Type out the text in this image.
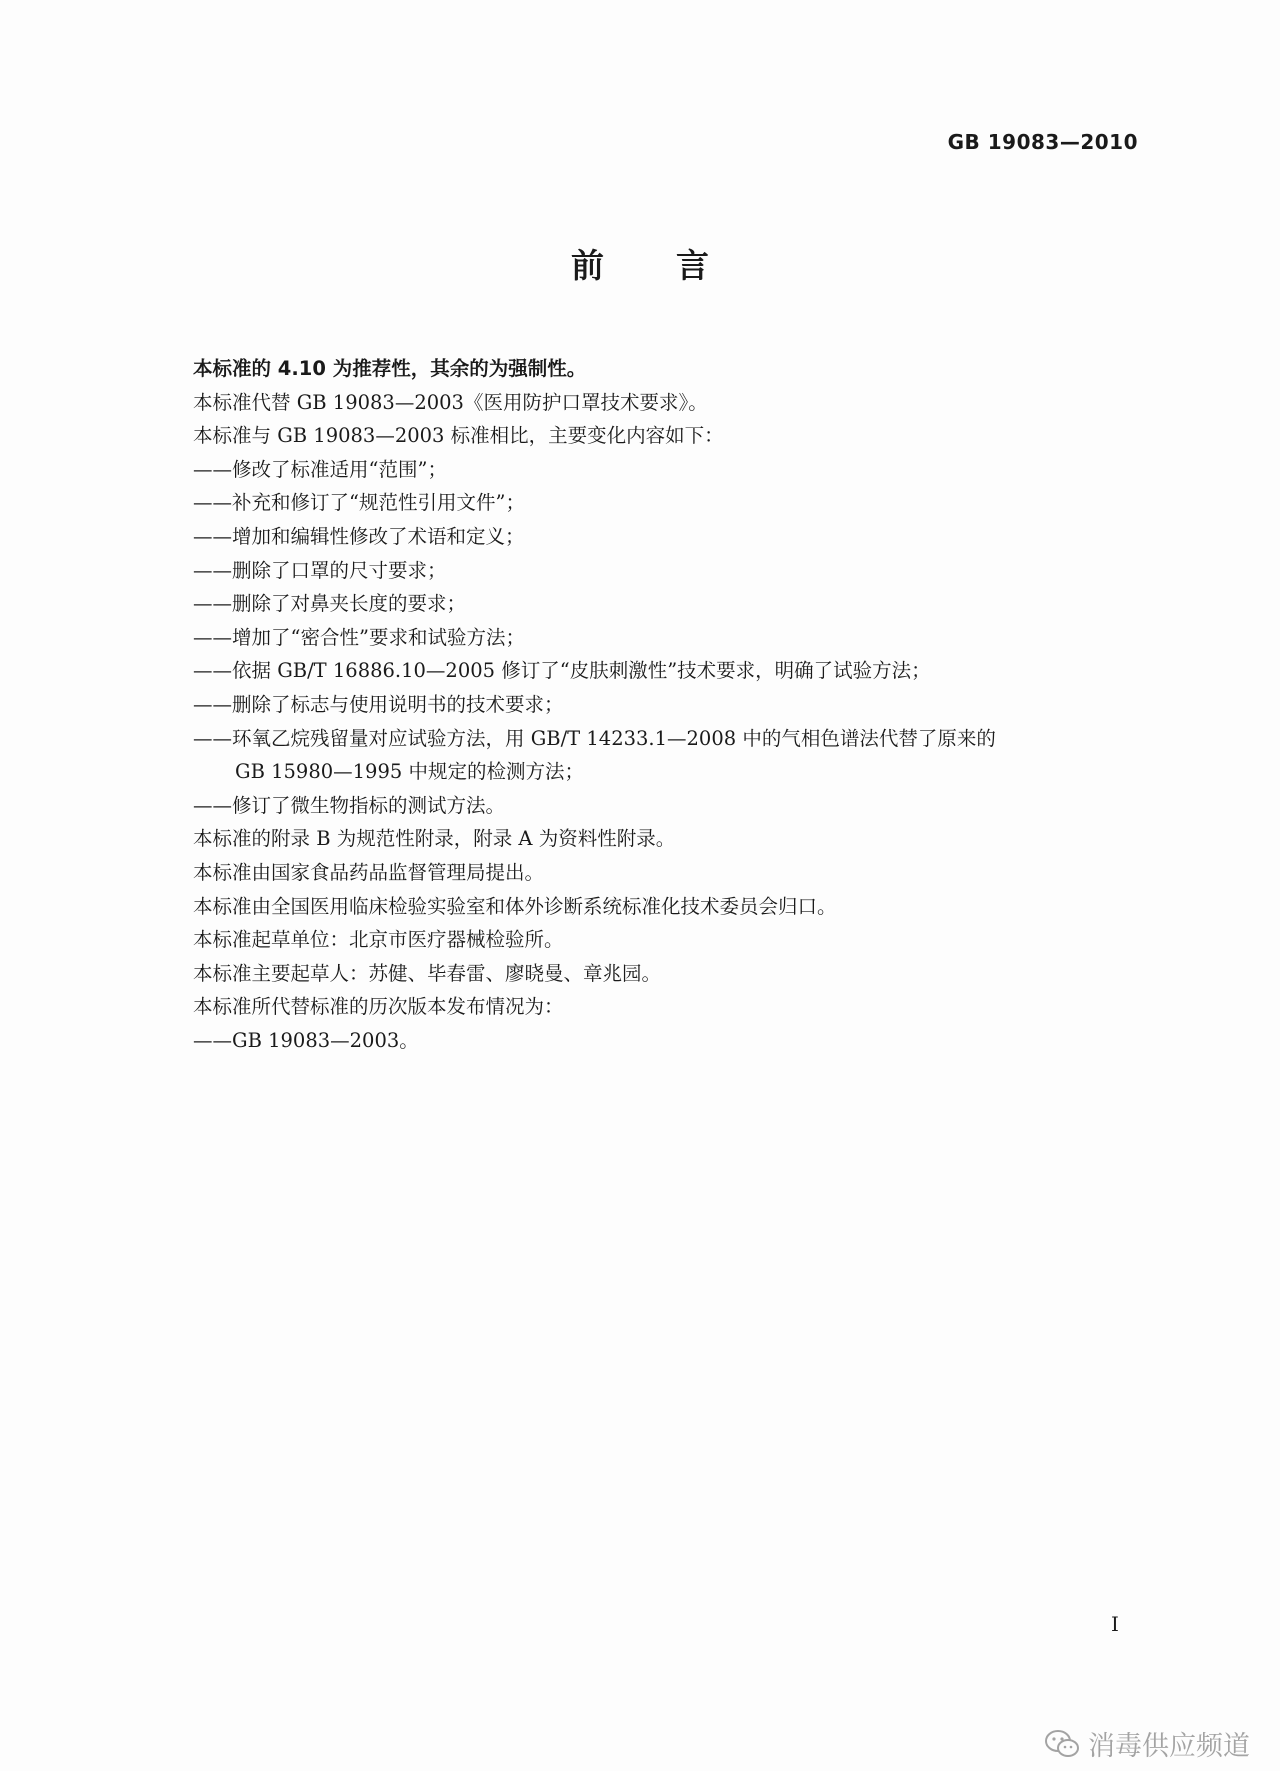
GB 19083—2010
前言
本标准的 4.10 为推荐性，其余的为强制性。
本标准代替 GB 19083—2003《医用防护口罩技术要求》。
本标准与 GB 19083—2003 标准相比，主要变化内容如下：
——修改了标准适用“范围”；
——补充和修订了“规范性引用文件”；
——增加和编辑性修改了术语和定义；
——删除了口罩的尺寸要求；
——删除了对鼻夹长度的要求；
——增加了“密合性”要求和试验方法；
——依据 GB/T 16886.10—2005 修订了“皮肤刺激性”技术要求，明确了试验方法；
——删除了标志与使用说明书的技术要求；
——环氧乙烷残留量对应试验方法，用 GB/T 14233.1—2008 中的气相色谱法代替了原来的
GB 15980—1995 中规定的检测方法；
——修订了微生物指标的测试方法。
本标准的附录 B 为规范性附录，附录 A 为资料性附录。
本标准由国家食品药品监督管理局提出。
本标准由全国医用临床检验实验室和体外诊断系统标准化技术委员会归口。
本标准起草单位：北京市医疗器械检验所。
本标准主要起草人：苏健、毕春雷、廖晓曼、章兆园。
本标准所代替标准的历次版本发布情况为：
——GB 19083—2003。
I
消毒供应频道
